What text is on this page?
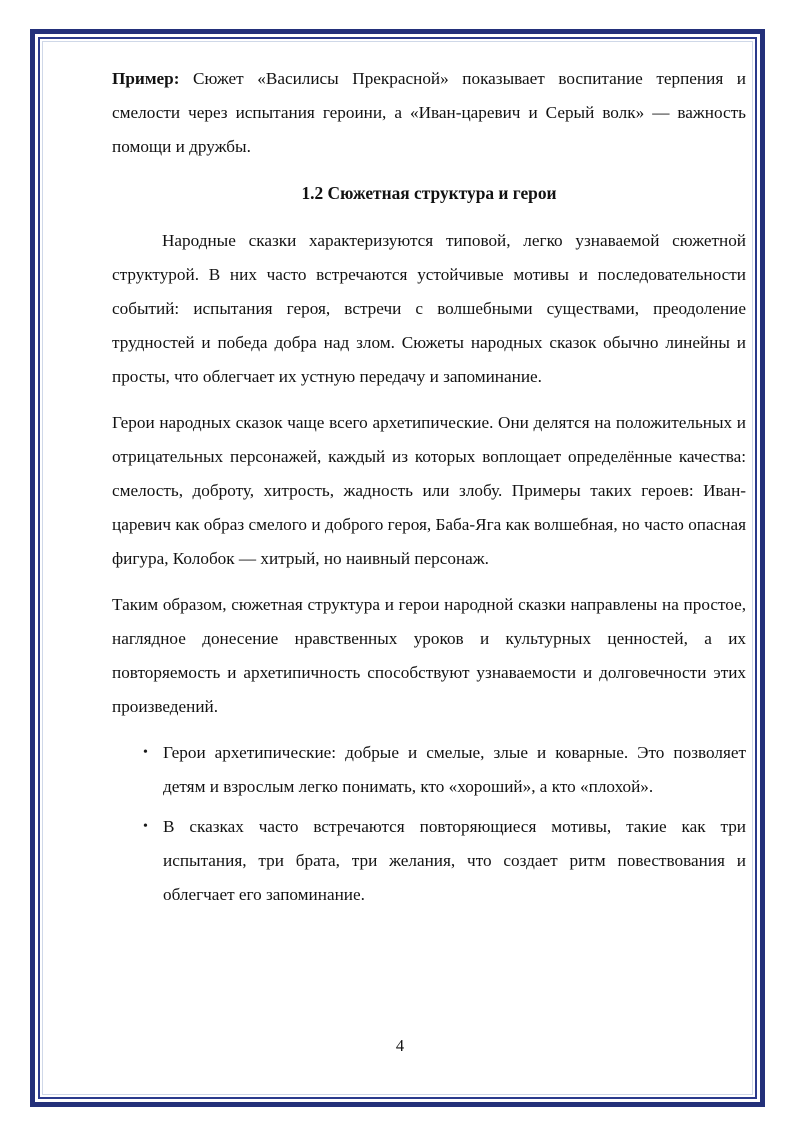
Пример: Сюжет «Василисы Прекрасной» показывает воспитание терпения и смелости через испытания героини, а «Иван-царевич и Серый волк» — важность помощи и дружбы.

1.2 Сюжетная структура и герои

Народные сказки характеризуются типовой, легко узнаваемой сюжетной структурой. В них часто встречаются устойчивые мотивы и последовательности событий: испытания героя, встречи с волшебными существами, преодоление трудностей и победа добра над злом. Сюжеты народных сказок обычно линейны и просты, что облегчает их устную передачу и запоминание.

Герои народных сказок чаще всего архетипические. Они делятся на положительных и отрицательных персонажей, каждый из которых воплощает определённые качества: смелость, доброту, хитрость, жадность или злобу. Примеры таких героев: Иван-царевич как образ смелого и доброго героя, Баба-Яга как волшебная, но часто опасная фигура, Колобок — хитрый, но наивный персонаж.

Таким образом, сюжетная структура и герои народной сказки направлены на простое, наглядное донесение нравственных уроков и культурных ценностей, а их повторяемость и архетипичность способствуют узнаваемости и долговечности этих произведений.

• Герои архетипические: добрые и смелые, злые и коварные. Это позволяет детям и взрослым легко понимать, кто «хороший», а кто «плохой».
• В сказках часто встречаются повторяющиеся мотивы, такие как три испытания, три брата, три желания, что создает ритм повествования и облегчает его запоминание.
4
